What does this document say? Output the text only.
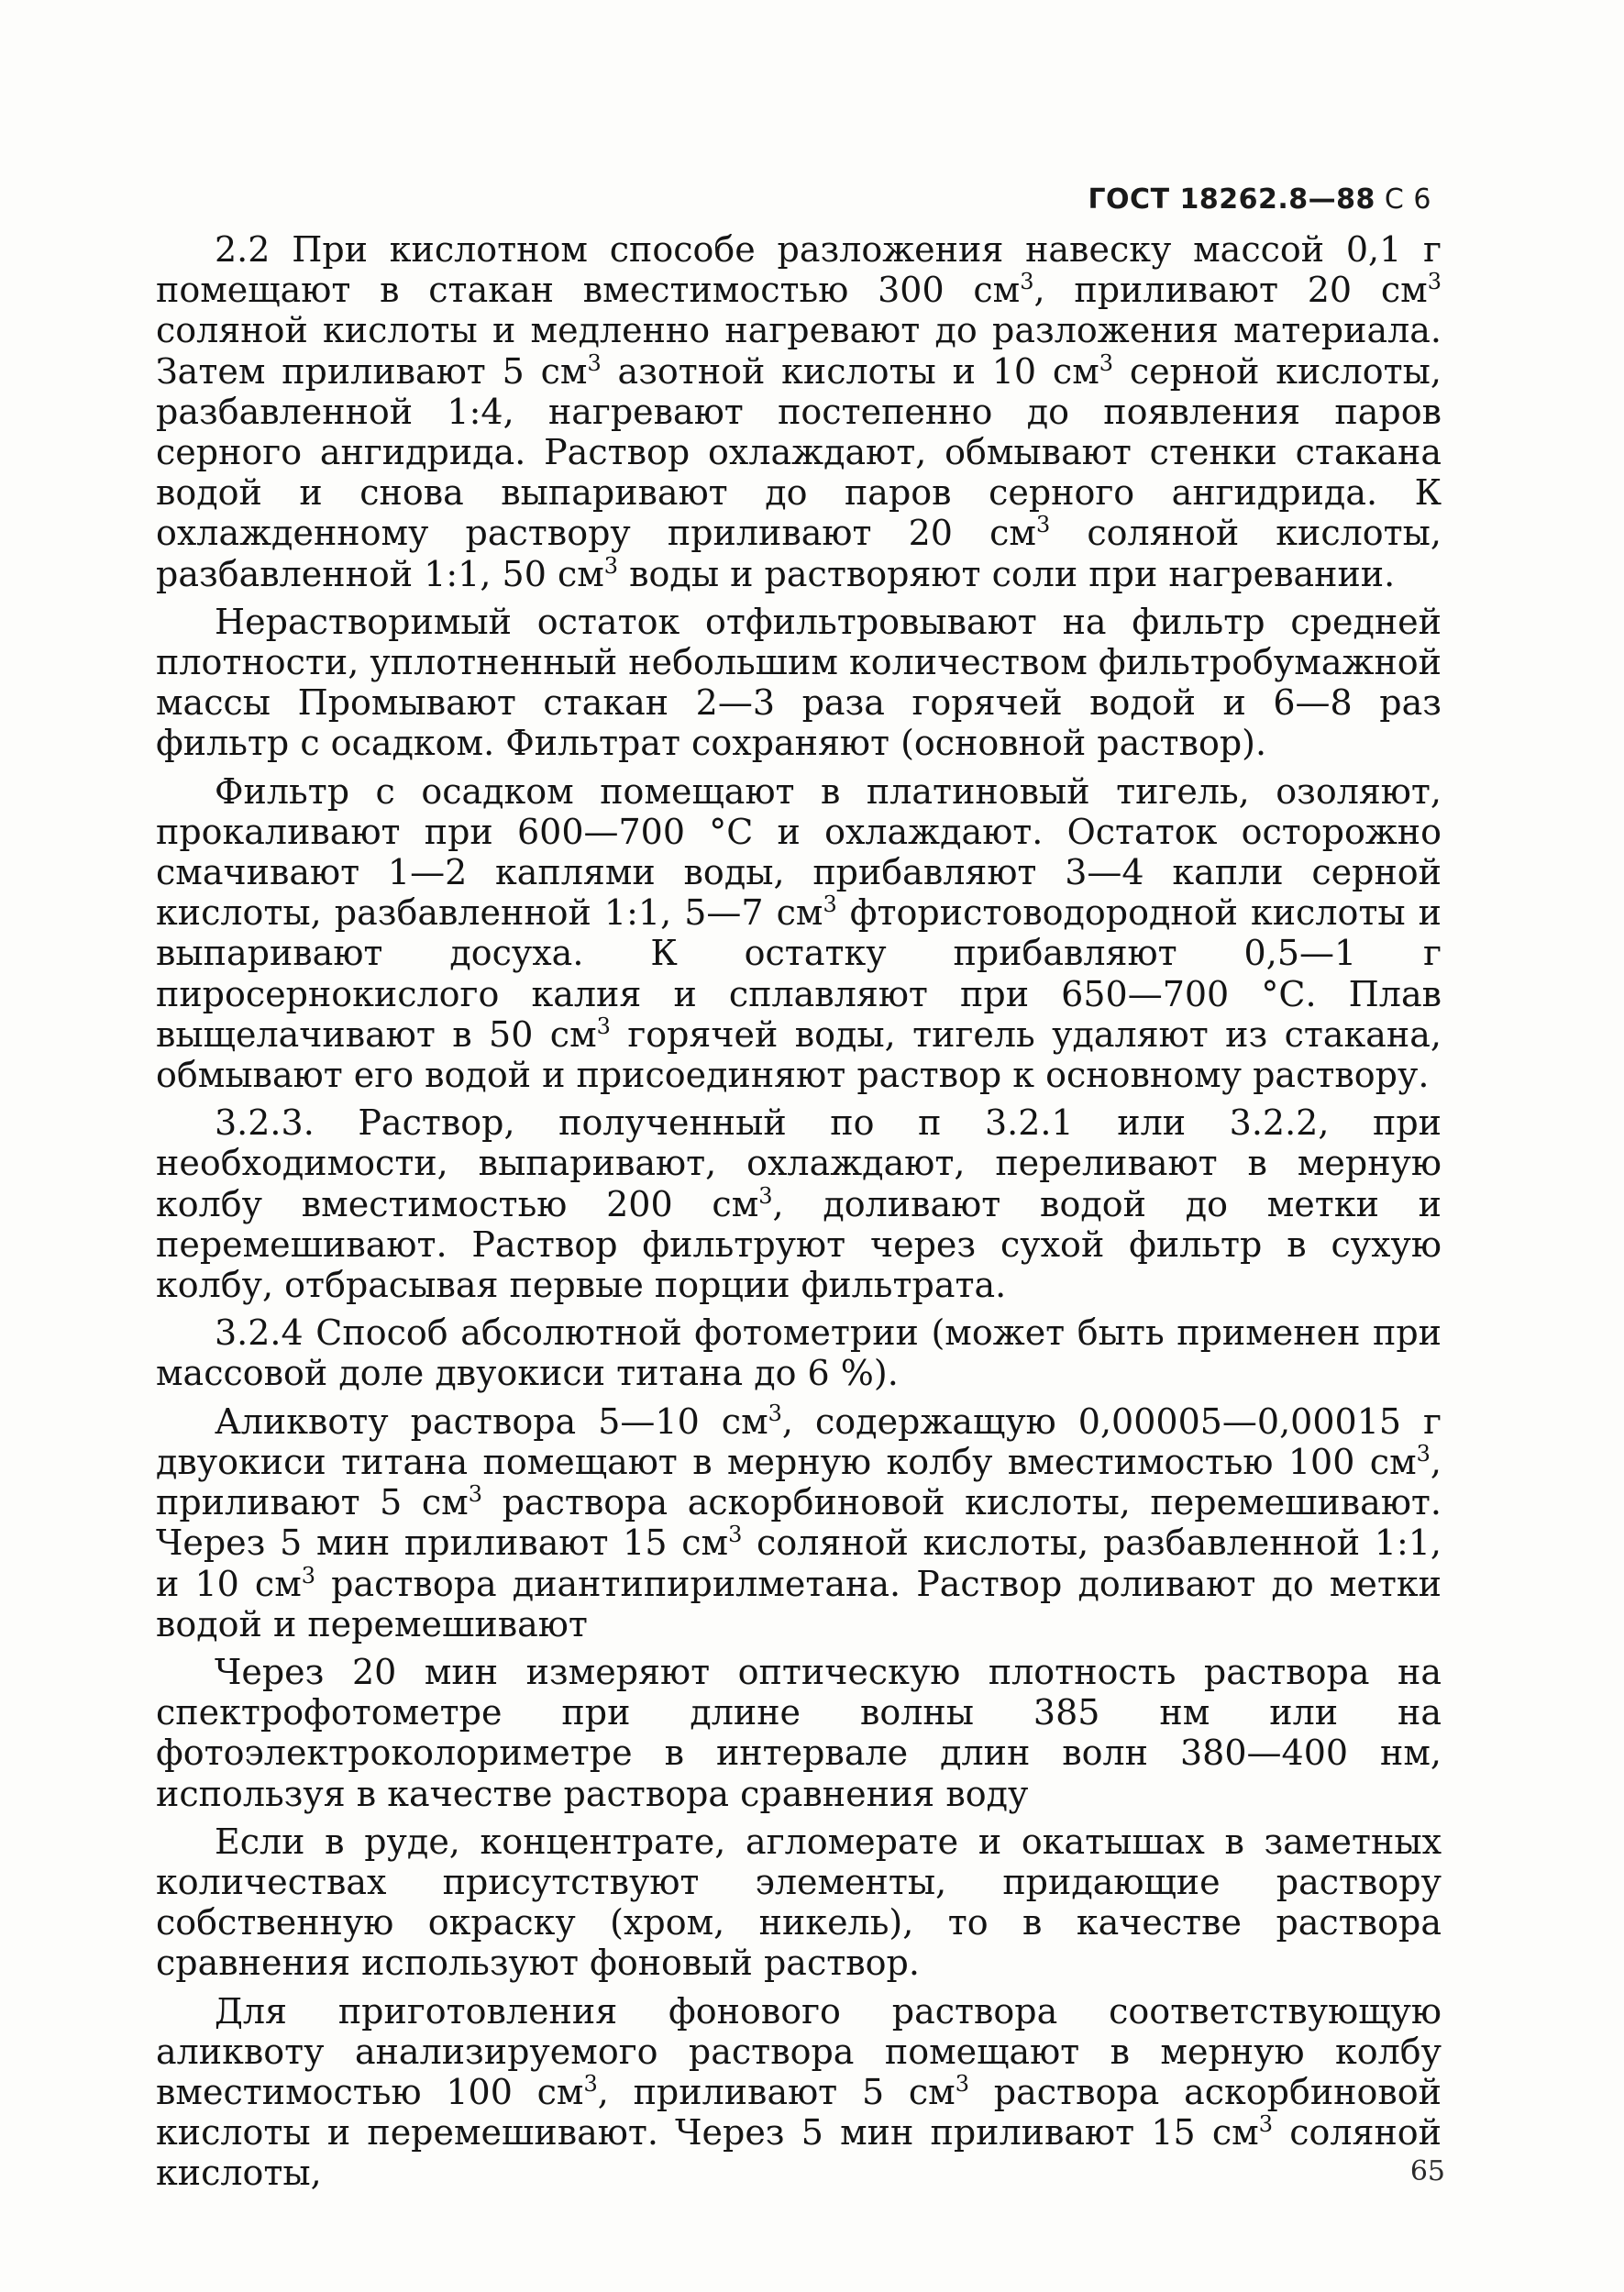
ГОСТ 18262.8—88 С 6

2.2 При кислотном способе разложения навеску массой 0,1 г помещают в стакан вместимостью 300 $см^3$, приливают 20 $см^3$ соляной кислоты и медленно нагревают до разложения материала. Затем приливают 5 $см^3$ азотной кислоты и 10 $см^3$ серной кислоты, разбавленной 1:4, нагревают постепенно до появления паров серного ангидрида. Раствор охлаждают, обмывают стенки стакана водой и снова выпаривают до паров серного ангидрида. К охлажденному раствору приливают 20 $см^3$ соляной кислоты, разбавленной 1:1, 50 $см^3$ воды и растворяют соли при нагревании.

Нерастворимый остаток отфильтровывают на фильтр средней плотности, уплотненный небольшим количеством фильтробумажной массы Промывают стакан 2—3 раза горячей водой и 6—8 раз фильтр с осадком. Фильтрат сохраняют (основной раствор).

Фильтр с осадком помещают в платиновый тигель, озоляют, прокаливают при 600—700 °С и охлаждают. Остаток осторожно смачивают 1—2 каплями воды, прибавляют 3—4 капли серной кислоты, разбавленной 1:1, 5—7 $см^3$ фтористоводородной кислоты и выпаривают досуха. К остатку прибавляют 0,5—1 г пиросернокислого калия и сплавляют при 650—700 °С. Плав выщелачивают в 50 $см^3$ горячей воды, тигель удаляют из стакана, обмывают его водой и присоединяют раствор к основному раствору.

3.2.3. Раствор, полученный по п 3.2.1 или 3.2.2, при необходимости, выпаривают, охлаждают, переливают в мерную колбу вместимостью 200 $см^3$, доливают водой до метки и перемешивают. Раствор фильтруют через сухой фильтр в сухую колбу, отбрасывая первые порции фильтрата.

3.2.4 Способ абсолютной фотометрии (может быть применен при массовой доле двуокиси титана до 6 %).

Аликвоту раствора 5—10 $см^3$, содержащую 0,00005—0,00015 г двуокиси титана помещают в мерную колбу вместимостью 100 $см^3$, приливают 5 $см^3$ раствора аскорбиновой кислоты, перемешивают. Через 5 мин приливают 15 $см^3$ соляной кислоты, разбавленной 1:1, и 10 $см^3$ раствора диантипирилметана. Раствор доливают до метки водой и перемешивают

Через 20 мин измеряют оптическую плотность раствора на спектрофотометре при длине волны 385 нм или на фотоэлектроколориметре в интервале длин волн 380—400 нм, используя в качестве раствора сравнения воду

Если в руде, концентрате, агломерате и окатышах в заметных количествах присутствуют элементы, придающие раствору собственную окраску (хром, никель), то в качестве раствора сравнения используют фоновый раствор.

Для приготовления фонового раствора соответствующую аликвоту анализируемого раствора помещают в мерную колбу вместимостью 100 $см^3$, приливают 5 $см^3$ раствора аскорбиновой кислоты и перемешивают. Через 5 мин приливают 15 $см^3$ соляной кислоты,	65
